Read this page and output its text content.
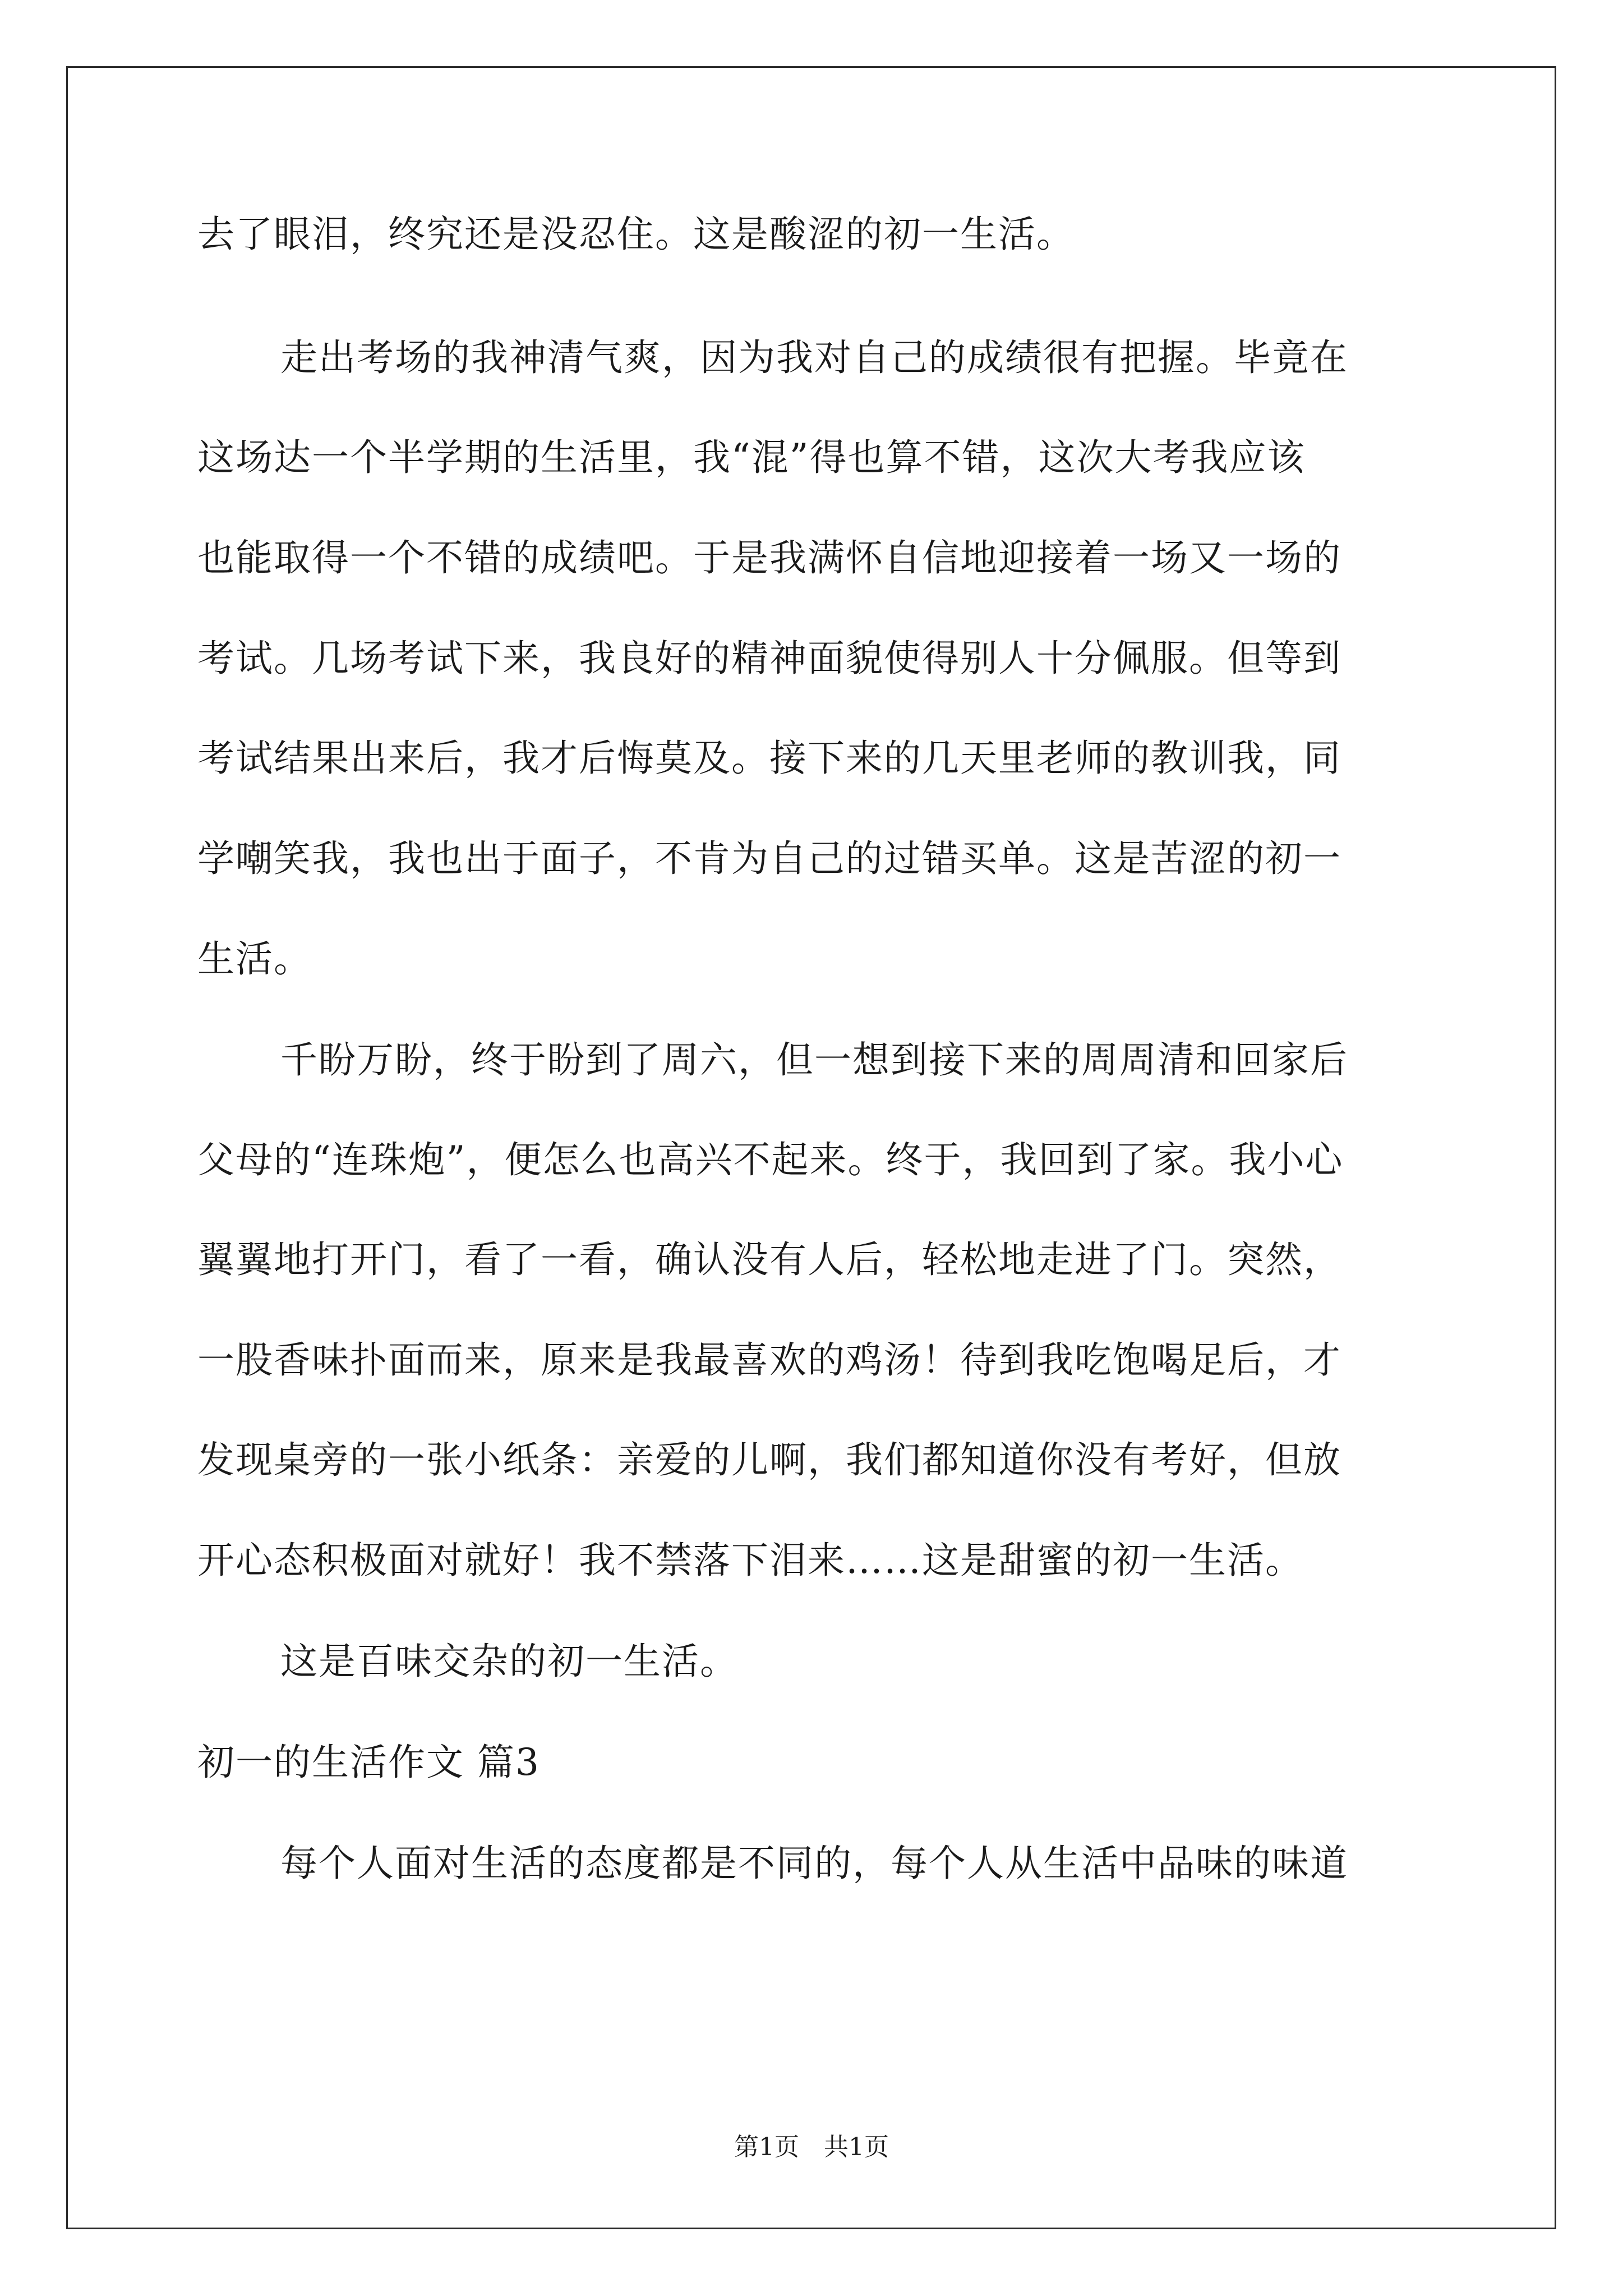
去了眼泪，终究还是没忍住。这是酸涩的初一生活。
走出考场的我神清气爽，因为我对自己的成绩很有把握。毕竟在
这场达一个半学期的生活里，我“混”得也算不错，这次大考我应该
也能取得一个不错的成绩吧。于是我满怀自信地迎接着一场又一场的
考试。几场考试下来，我良好的精神面貌使得别人十分佩服。但等到
考试结果出来后，我才后悔莫及。接下来的几天里老师的教训我，同
学嘲笑我，我也出于面子，不肯为自己的过错买单。这是苦涩的初一
生活。
千盼万盼，终于盼到了周六，但一想到接下来的周周清和回家后
父母的“连珠炮”，便怎么也高兴不起来。终于，我回到了家。我小心
翼翼地打开门，看了一看，确认没有人后，轻松地走进了门。突然，
一股香味扑面而来，原来是我最喜欢的鸡汤！待到我吃饱喝足后，才
发现桌旁的一张小纸条：亲爱的儿啊，我们都知道你没有考好，但放
开心态积极面对就好！我不禁落下泪来……这是甜蜜的初一生活。
这是百味交杂的初一生活。
初一的生活作文 篇3
每个人面对生活的态度都是不同的，每个人从生活中品味的味道
第1页　共1页
